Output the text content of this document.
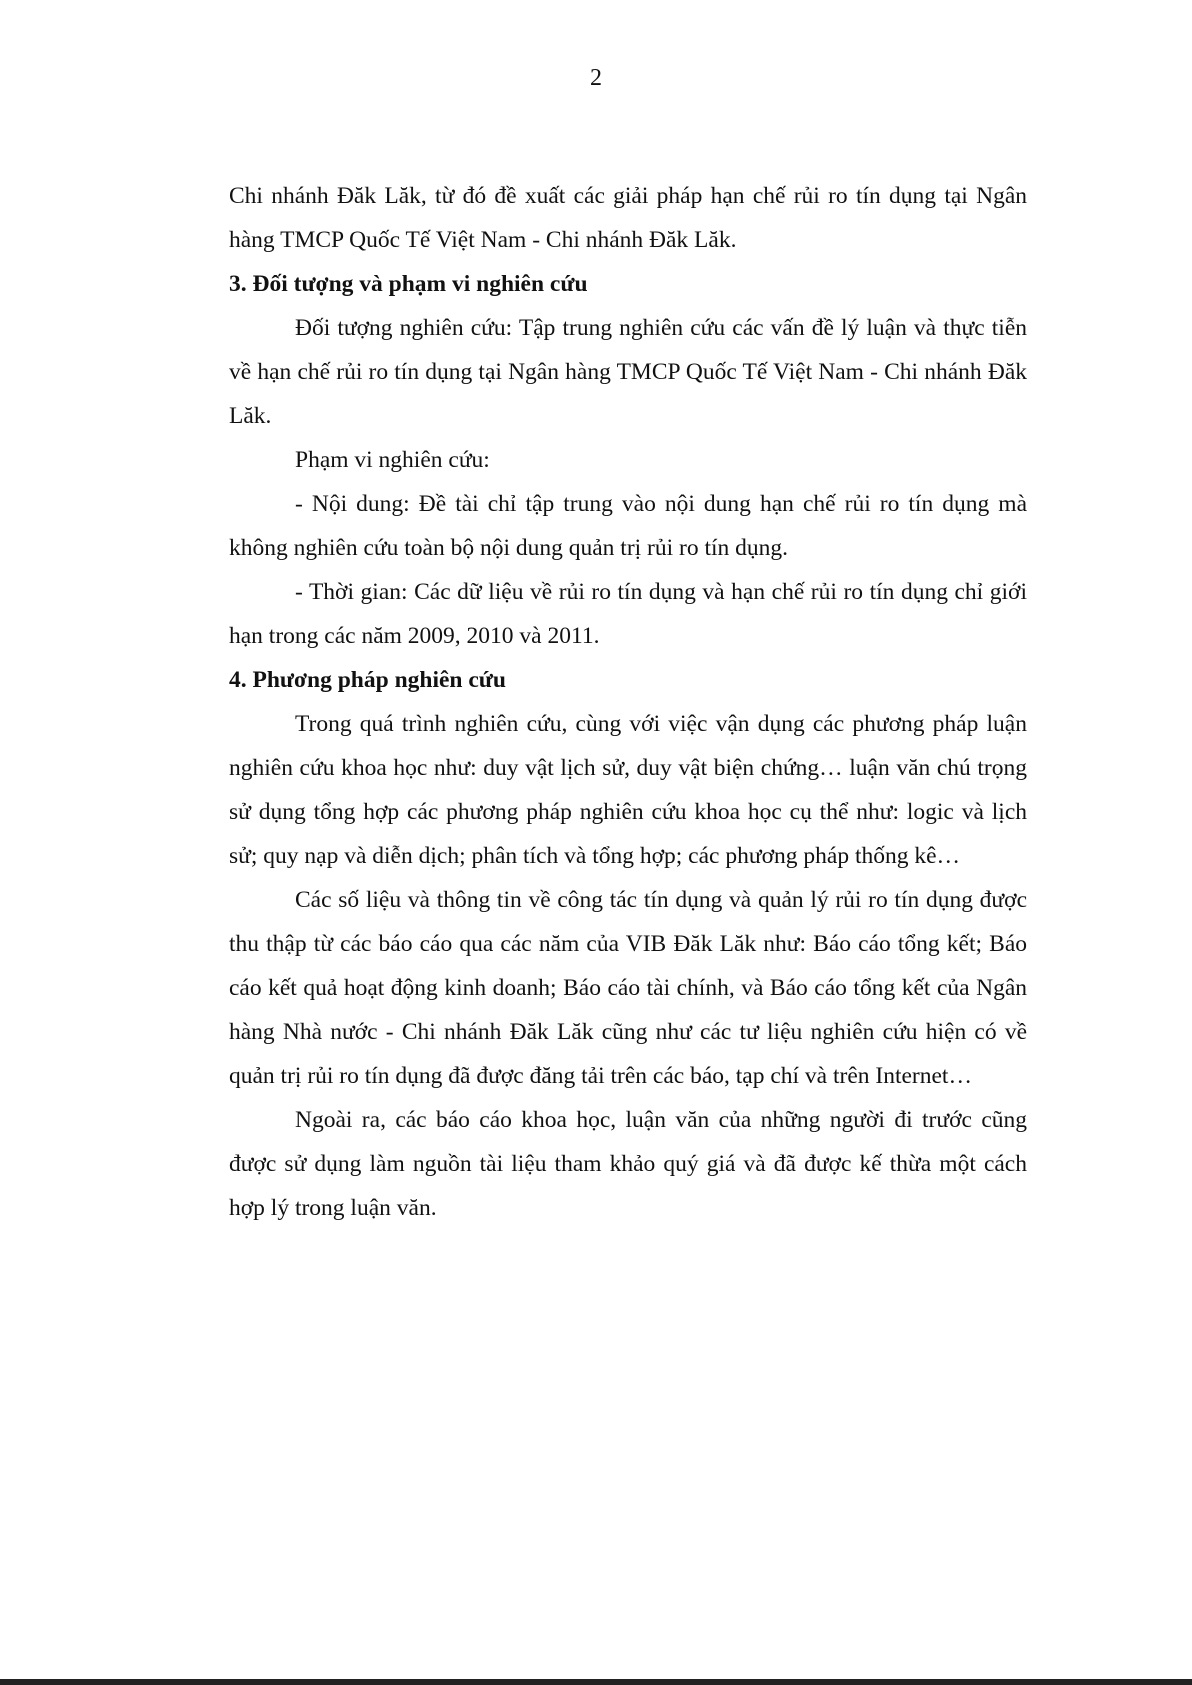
2

Chi nhánh Đăk Lăk, từ đó đề xuất các giải pháp hạn chế rủi ro tín dụng tại Ngân hàng TMCP Quốc Tế Việt Nam - Chi nhánh Đăk Lăk.

3. Đối tượng và phạm vi nghiên cứu

Đối tượng nghiên cứu: Tập trung nghiên cứu các vấn đề lý luận và thực tiễn về hạn chế rủi ro tín dụng tại Ngân hàng TMCP Quốc Tế Việt Nam - Chi nhánh Đăk Lăk.

Phạm vi nghiên cứu:

- Nội dung: Đề tài chỉ tập trung vào nội dung hạn chế rủi ro tín dụng mà không nghiên cứu toàn bộ nội dung quản trị rủi ro tín dụng.

- Thời gian: Các dữ liệu về rủi ro tín dụng và hạn chế rủi ro tín dụng chỉ giới hạn trong các năm 2009, 2010 và 2011.

4. Phương pháp nghiên cứu

Trong quá trình nghiên cứu, cùng với việc vận dụng các phương pháp luận nghiên cứu khoa học như: duy vật lịch sử, duy vật biện chứng… luận văn chú trọng sử dụng tổng hợp các phương pháp nghiên cứu khoa học cụ thể như: logic và lịch sử; quy nạp và diễn dịch; phân tích và tổng hợp; các phương pháp thống kê…

Các số liệu và thông tin về công tác tín dụng và quản lý rủi ro tín dụng được thu thập từ các báo cáo qua các năm của VIB Đăk Lăk như: Báo cáo tổng kết; Báo cáo kết quả hoạt động kinh doanh; Báo cáo tài chính, và Báo cáo tổng kết của Ngân hàng Nhà nước - Chi nhánh Đăk Lăk cũng như các tư liệu nghiên cứu hiện có về quản trị rủi ro tín dụng đã được đăng tải trên các báo, tạp chí và trên Internet…

Ngoài ra, các báo cáo khoa học, luận văn của những người đi trước cũng được sử dụng làm nguồn tài liệu tham khảo quý giá và đã được kế thừa một cách hợp lý trong luận văn.
